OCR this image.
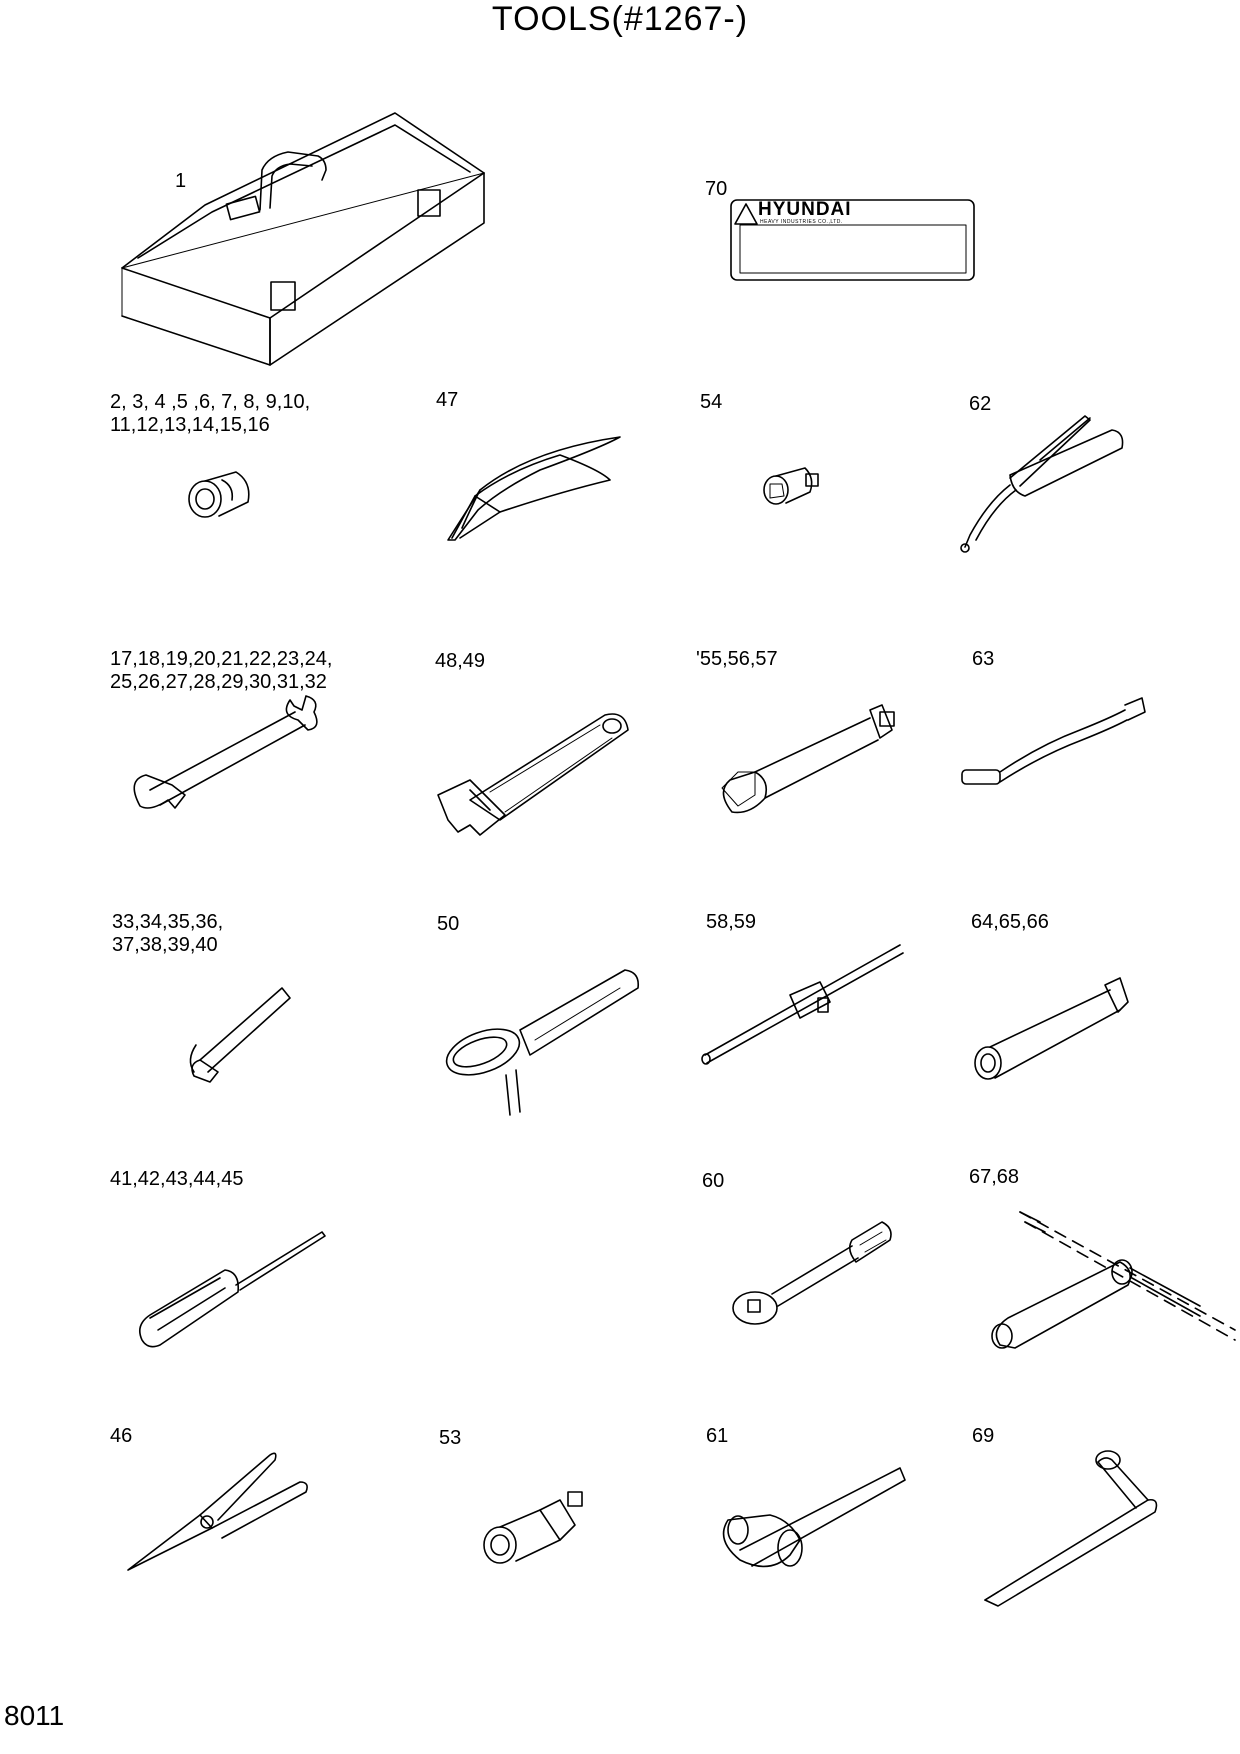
TOOLS(#1267-)
8011
1	70
2, 3, 4 ,5 ,6, 7, 8, 9,10,
11,12,13,14,15,16
47	54	62
17,18,19,20,21,22,23,24,
25,26,27,28,29,30,31,32
48,49	'55,56,57	63
33,34,35,36,
37,38,39,40
50	58,59	64,65,66
41,42,43,44,45	60	67,68
46	53	61	69
HYUNDAI
HEAVY INDUSTRIES CO.,LTD.
